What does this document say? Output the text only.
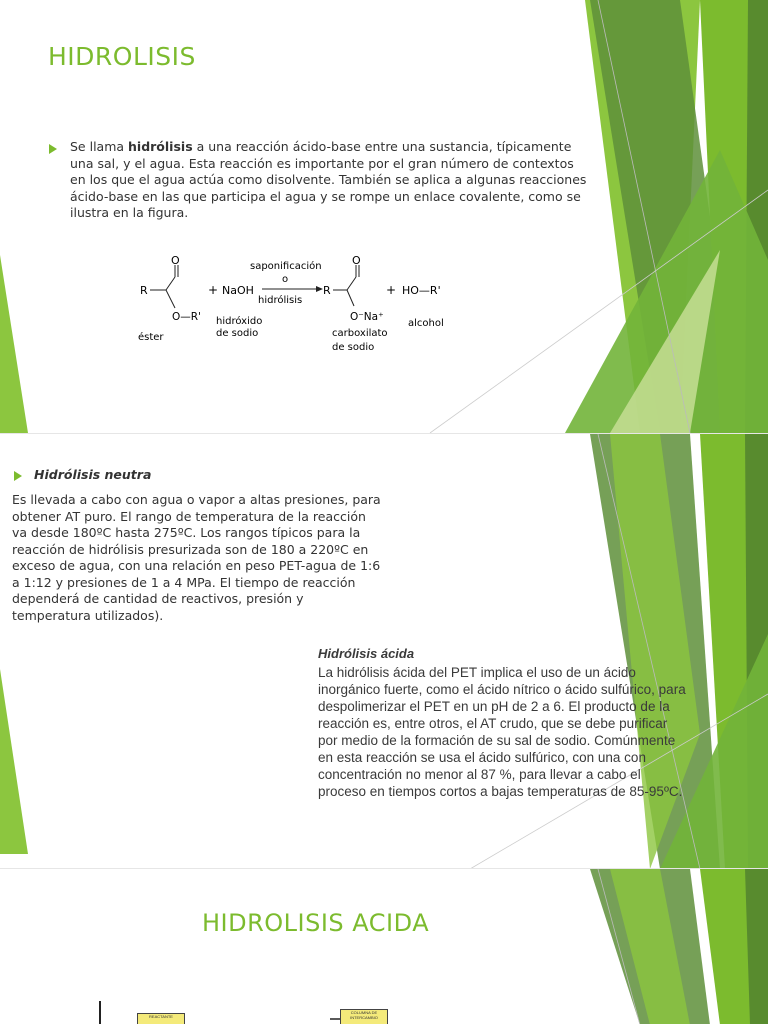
HIDROLISIS
Se llama hidrólisis a una reacción ácido-base entre una sustancia, típicamente una sal, y el agua. Esta reacción es importante por el gran número de contextos en los que el agua actúa como disolvente. También se aplica a algunas reacciones ácido-base en las que participa el agua y se rompe un enlace covalente, como se ilustra en la figura.
R
O
O—R'
éster
+ NaOH
hidróxido
de sodio
saponificación
o
hidrólisis
R
O
O⁻Na⁺
carboxilato
de sodio
+ HO—R'
alcohol
Hidrólisis neutra
Es llevada a cabo con agua o vapor a altas presiones, para obtener AT puro. El rango de temperatura de la reacción va desde 180ºC hasta 275ºC. Los rangos típicos para la reacción de hidrólisis presurizada son de 180 a 220ºC en exceso de agua, con una relación en peso PET-agua de 1:6 a 1:12 y presiones de 1 a 4 MPa. El tiempo de reacción dependerá de cantidad de reactivos, presión y temperatura utilizados).
Hidrólisis ácida
La hidrólisis ácida del PET implica el uso de un ácido inorgánico fuerte, como el ácido nítrico o ácido sulfúrico, para despolimerizar el PET en un pH de 2 a 6. El producto de la reacción es, entre otros, el AT crudo, que se debe purificar por medio de la formación de su sal de sodio. Comúnmente en esta reacción se usa el ácido sulfúrico, con una con concentración no menor al 87 %, para llevar a cabo el proceso en tiempos cortos a bajas temperaturas de 85-95ºC.
HIDROLISIS ACIDA
REACTANTE
COLUMNA DE INTERCAMBIO
